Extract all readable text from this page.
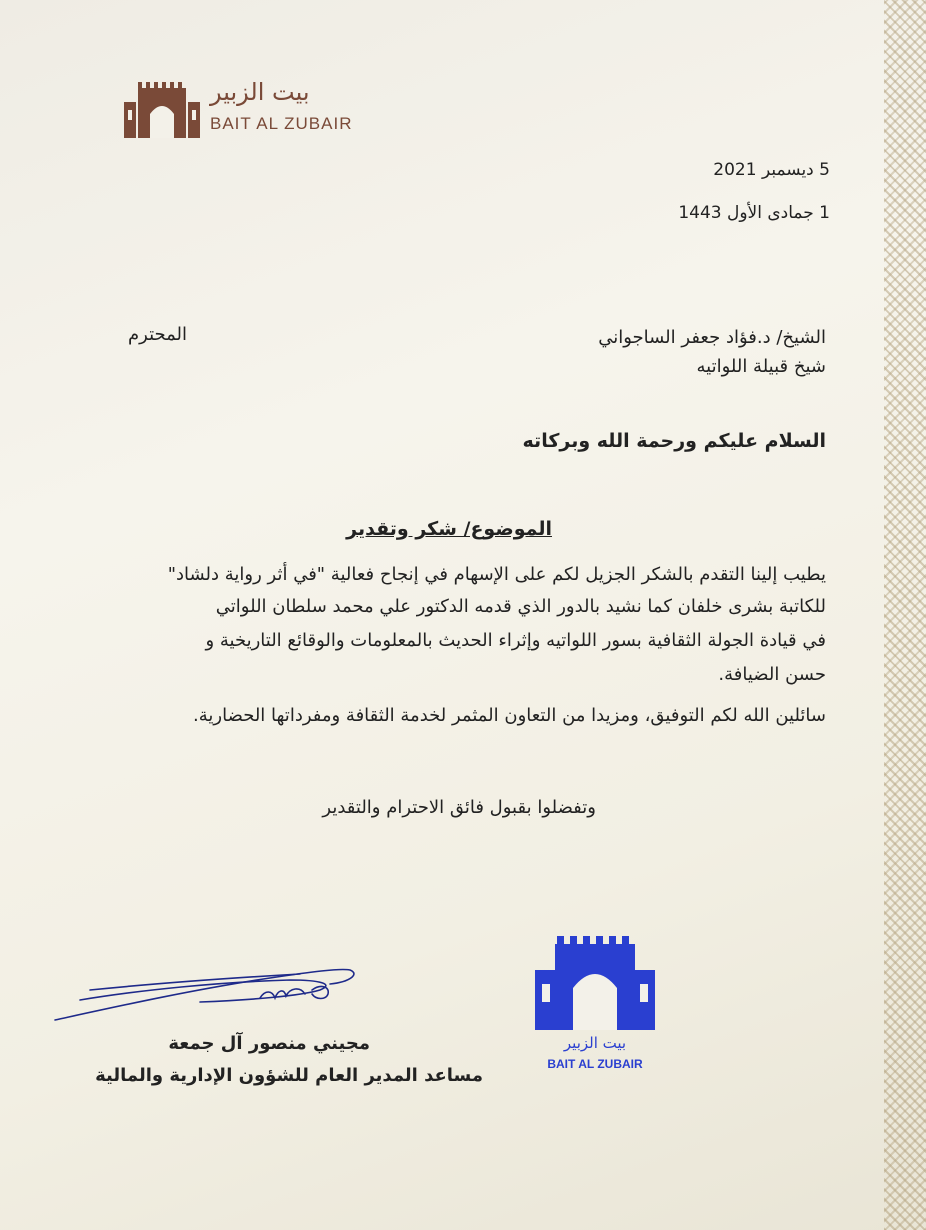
بيت الزبير
BAIT AL ZUBAIR
5 ديسمبر 2021
1 جمادى الأول 1443
المحترم	الشيخ/ د.فؤاد جعفر الساجواني
شيخ قبيلة اللواتيه
السلام عليكم ورحمة الله وبركاته
الموضوع/ شكر وتقدير
يطيب إلينا التقدم بالشكر الجزيل لكم على الإسهام في إنجاح فعالية "في أثر رواية دلشاد"
للكاتبة بشرى خلفان كما نشيد بالدور الذي قدمه الدكتور علي محمد سلطان اللواتي
في قيادة الجولة الثقافية بسور اللواتيه وإثراء الحديث بالمعلومات والوقائع التاريخية و
حسن الضيافة.
سائلين الله لكم التوفيق، ومزيدا من التعاون المثمر لخدمة الثقافة ومفرداتها الحضارية.
وتفضلوا بقبول فائق الاحترام والتقدير
مجيني منصور آل جمعة
مساعد المدير العام للشؤون الإدارية والمالية
بيت الزبير
BAIT AL ZUBAIR
